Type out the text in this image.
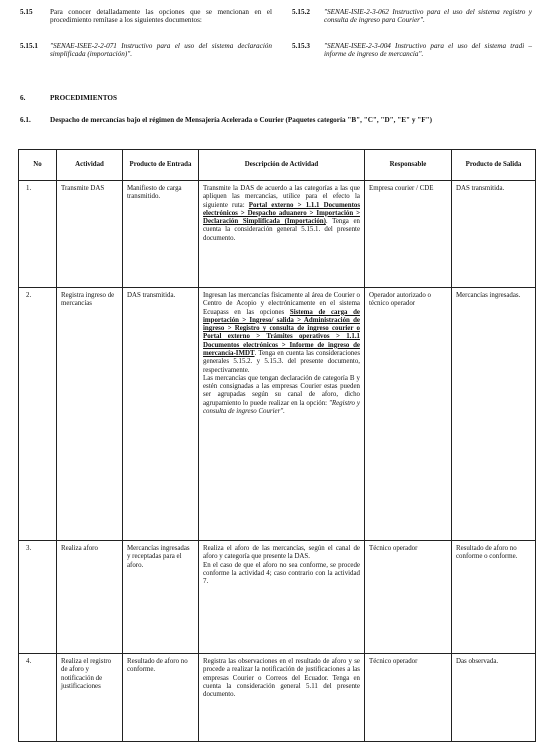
5.15 Para conocer detalladamente las opciones que se mencionan en el procedimiento remítase a los siguientes documentos:
5.15.1 "SENAE-ISEE-2-2-071 Instructivo para el uso del sistema declaración simplificada (importación)".
5.15.2 "SENAE-ISIE-2-3-062 Instructivo para el uso del sistema registro y consulta de ingreso para Courier".
5.15.3 "SENAE-ISEE-2-3-004 Instructivo para el uso del sistema tradi – informe de ingreso de mercancía".
6.	PROCEDIMIENTOS
6.1.	Despacho de mercancías bajo el régimen de Mensajería Acelerada o Courier (Paquetes categoría "B", "C", "D", "E" y "F")
No	Actividad	Producto de Entrada	Descripción de Actividad	Responsable	Producto de Salida
1.	Transmite DAS	Manifiesto de carga transmitido.	Transmite la DAS de acuerdo a las categorías a las que apliquen las mercancías, utilice para el efecto la siguiente ruta: Portal externo > 1.1.1 Documentos electrónicos > Despacho aduanero > Importación > Declaración Simplificada (Importación). Tenga en cuenta la consideración general 5.15.1. del presente documento.	Empresa courier / CDE	DAS transmitida.
2.	Registra ingreso de mercancías	DAS transmitida.	Ingresan las mercancías físicamente al área de Courier o Centro de Acopio y electrónicamente en el sistema Ecuapass en las opciones Sistema de carga de importación > Ingreso/ salida > Administración de ingreso > Registro y consulta de ingreso courier o Portal externo > Trámites operativos > 1.1.1 Documentos electrónicos > Informe de ingreso de mercancía-IMDT. Tenga en cuenta las consideraciones generales 5.15.2. y 5.15.3. del presente documento, respectivamente.
Las mercancías que tengan declaración de categoría B y estén consignadas a las empresas Courier estas pueden ser agrupadas según su canal de aforo, dicho agrupamiento lo puede realizar en la opción: "Registro y consulta de ingreso Courier".	Operador autorizado o técnico operador	Mercancías ingresadas.
3.	Realiza aforo	Mercancías ingresadas y receptadas para el aforo.	Realiza el aforo de las mercancías, según el canal de aforo y categoría que presente la DAS.
En el caso de que el aforo no sea conforme, se procede conforme la actividad 4; caso contrario con la actividad 7.	Técnico operador	Resultado de aforo no conforme o conforme.
4.	Realiza el registro de aforo y notificación de justificaciones	Resultado de aforo no conforme.	Registra las observaciones en el resultado de aforo y se procede a realizar la notificación de justificaciones a las empresas Courier o Correos del Ecuador. Tenga en cuenta la consideración general 5.11 del presente documento.	Técnico operador	Das observada.
